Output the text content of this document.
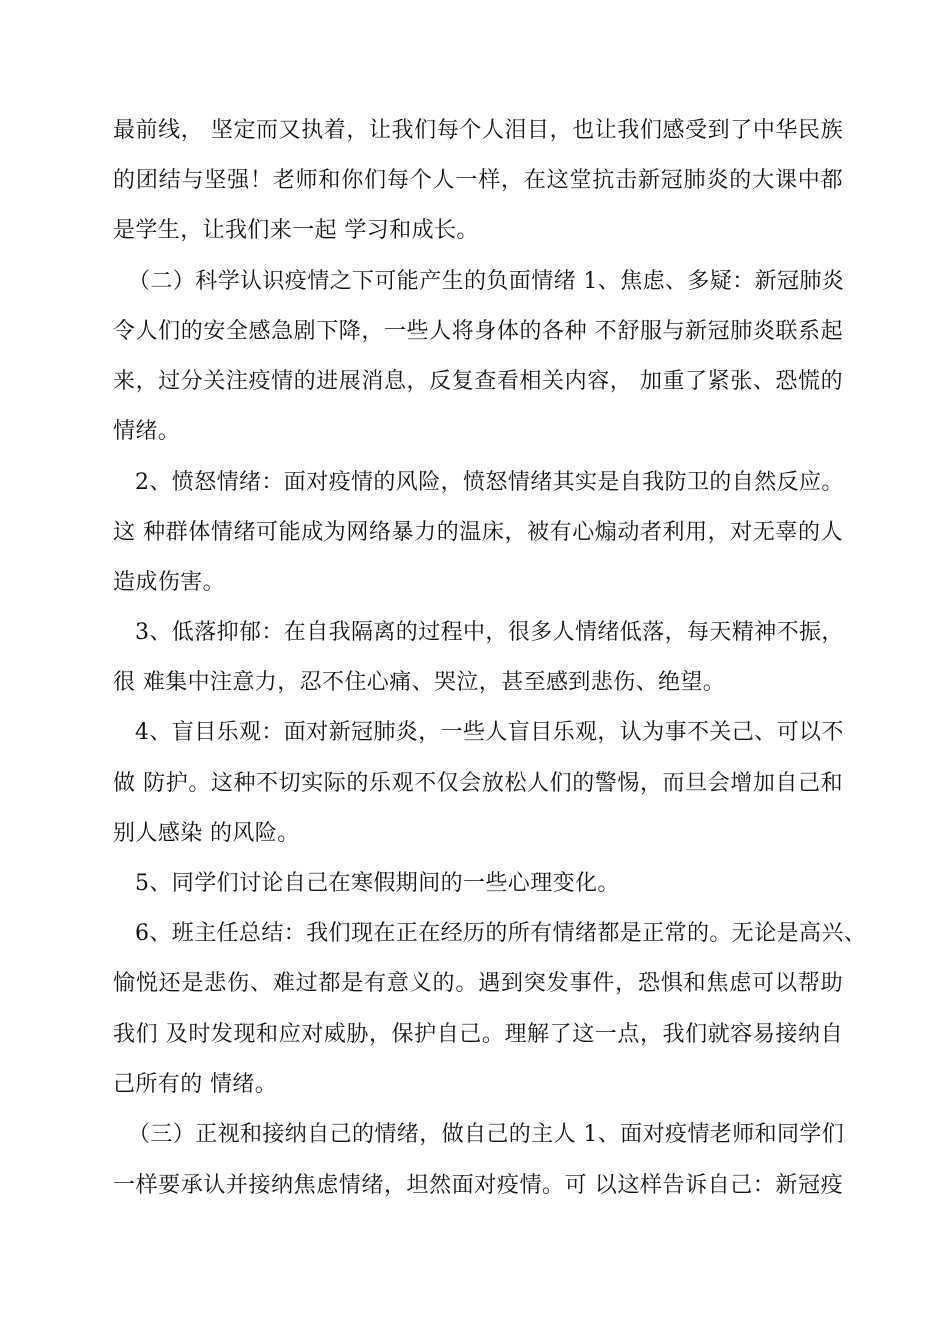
最前线， 坚定而又执着，让我们每个人泪目，也让我们感受到了中华民族
的团结与坚强！老师和你们每个人一样，在这堂抗击新冠肺炎的大课中都
是学生，让我们来一起 学习和成长。
（二）科学认识疫情之下可能产生的负面情绪 1、焦虑、多疑：新冠肺炎
令人们的安全感急剧下降，一些人将身体的各种 不舒服与新冠肺炎联系起
来，过分关注疫情的进展消息，反复查看相关内容， 加重了紧张、恐慌的
情绪。
2、愤怒情绪：面对疫情的风险，愤怒情绪其实是自我防卫的自然反应。
这 种群体情绪可能成为网络暴力的温床，被有心煽动者利用，对无辜的人
造成伤害。
3、低落抑郁：在自我隔离的过程中，很多人情绪低落，每天精神不振，
很 难集中注意力，忍不住心痛、哭泣，甚至感到悲伤、绝望。
4、盲目乐观：面对新冠肺炎，一些人盲目乐观，认为事不关己、可以不
做 防护。这种不切实际的乐观不仅会放松人们的警惕，而旦会增加自己和
别人感染 的风险。
5、同学们讨论自己在寒假期间的一些心理变化。
6、班主任总结：我们现在正在经历的所有情绪都是正常的。无论是高兴、
愉悦还是悲伤、难过都是有意义的。遇到突发事件，恐惧和焦虑可以帮助
我们 及时发现和应对威胁，保护自己。理解了这一点，我们就容易接纳自
己所有的 情绪。
（三）正视和接纳自己的情绪，做自己的主人 1、面对疫情老师和同学们
一样要承认并接纳焦虑情绪，坦然面对疫情。可 以这样告诉自己：新冠疫
